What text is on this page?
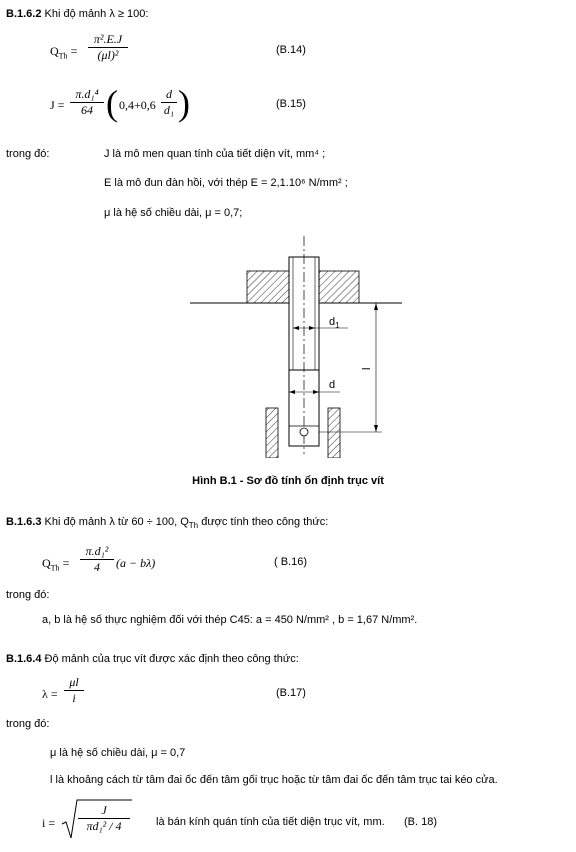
B.1.6.2 Khi độ mảnh λ ≥ 100:
$Q_{Th}$ =
π².E.J
(μl)²	(B.14)
J =
π.d₁⁴
64 ( 0,4+0,6
d
d₁ )	(B.15)
trong đó:	J là mô men quan tính của tiết diện vít, mm⁴ ;
E là mô đun đàn hồi, với thép E = 2,1.10⁶ N/mm² ;
μ là hệ số chiều dài, μ = 0,7;
$d_1$
d
l
Hình B.1 - Sơ đồ tính ổn định trục vít
B.1.6.3 Khi độ mảnh λ từ 60 ÷ 100, $Q_{Th}$ được tính theo công thức:
$Q_{Th}$ =
π.d₁²
4	(a − bλ)	( B.16)
trong đó:
a, b là hệ số thực nghiệm đối với thép C45: a = 450 N/mm² , b = 1,67 N/mm².
B.1.6.4 Độ mảnh của trục vít được xác định theo công thức:
λ =
μl
i	(B.17)
trong đó:
μ là hệ số chiều dài, μ = 0,7
l là khoảng cách từ tâm đai ốc đến tâm gối trục hoặc từ tâm đai ốc đến tâm trục tai kéo cửa.
i =
J
πd₁² / 4	là bán kính quán tính của tiết diện trục vít, mm. (B. 18)
